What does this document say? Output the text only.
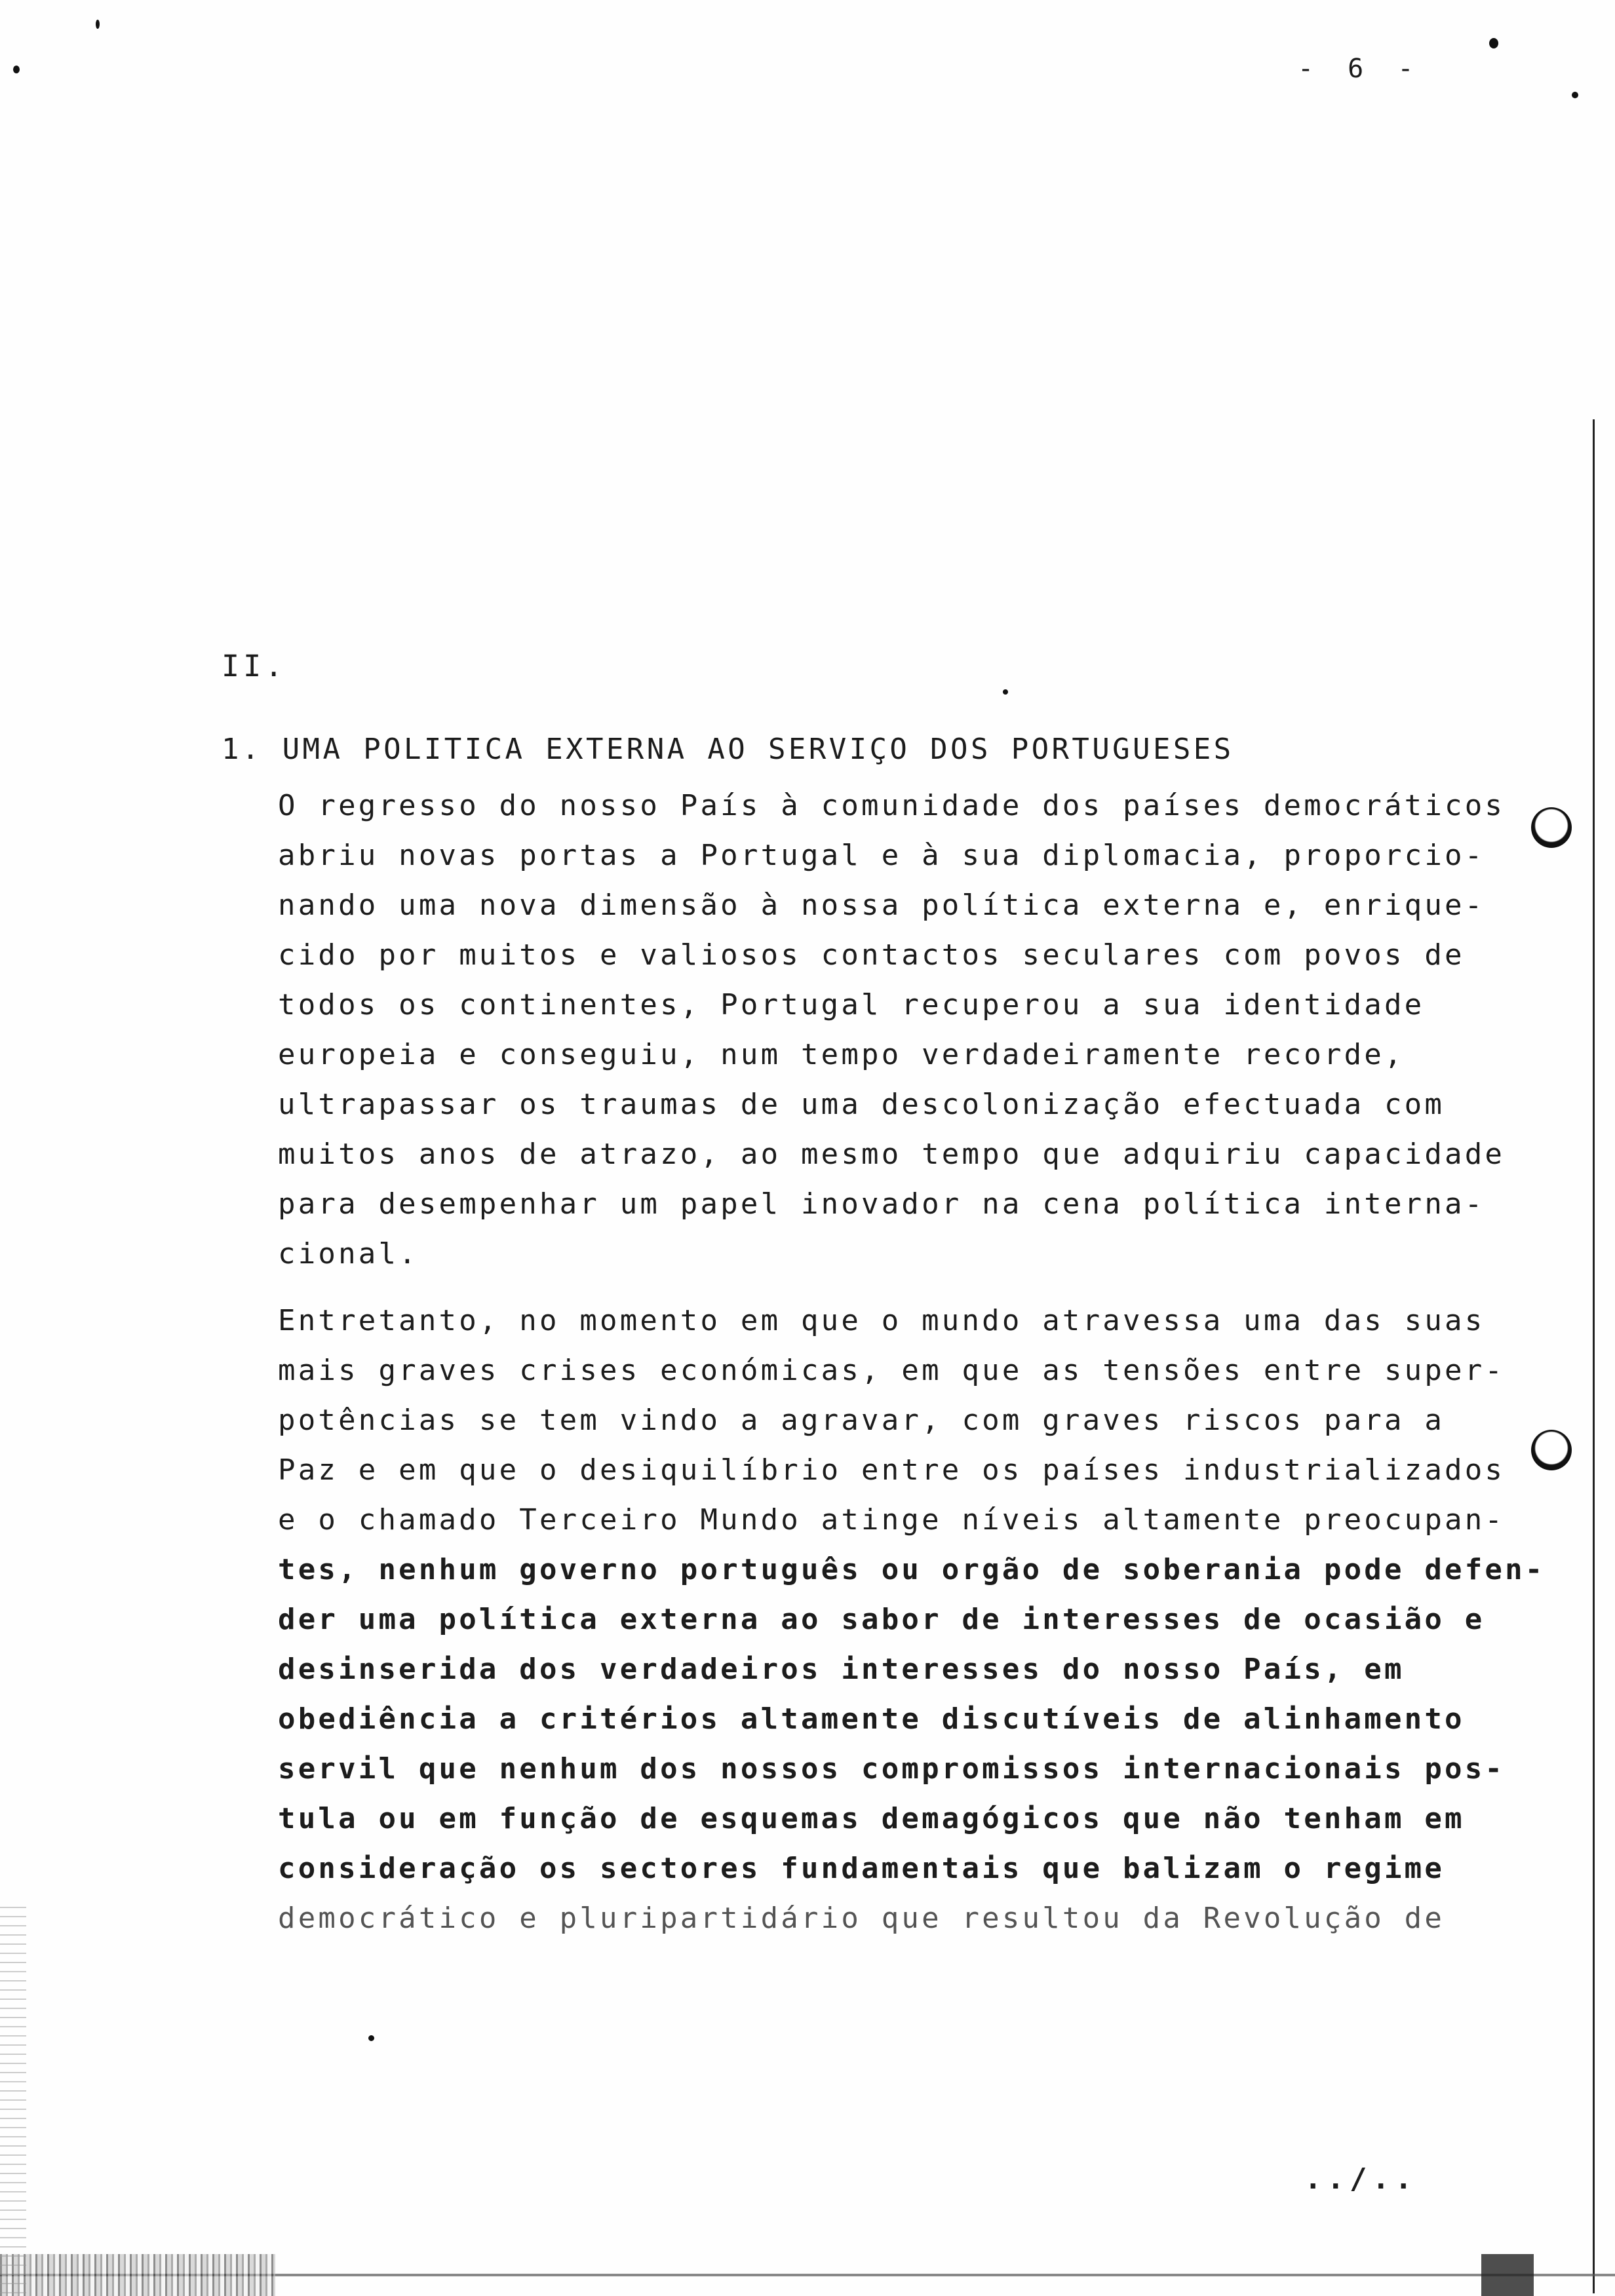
- 6 -
II.
1. UMA POLITICA EXTERNA AO SERVIÇO DOS PORTUGUESES
O regresso do nosso País à comunidade dos países democráticos
abriu novas portas a Portugal e à sua diplomacia, proporcio-
nando uma nova dimensão à nossa política externa e, enrique-
cido por muitos e valiosos contactos seculares com povos de
todos os continentes, Portugal recuperou a sua identidade
europeia e conseguiu, num tempo verdadeiramente recorde,
ultrapassar os traumas de uma descolonização efectuada com
muitos anos de atrazo, ao mesmo tempo que adquiriu capacidade
para desempenhar um papel inovador na cena política interna-
cional.
Entretanto, no momento em que o mundo atravessa uma das suas
mais graves crises económicas, em que as tensões entre super-
potências se tem vindo a agravar, com graves riscos para a
Paz e em que o desiquilíbrio entre os países industrializados
e o chamado Terceiro Mundo atinge níveis altamente preocupan-
tes, nenhum governo português ou orgão de soberania pode defen-
der uma política externa ao sabor de interesses de ocasião e
desinserida dos verdadeiros interesses do nosso País, em
obediência a critérios altamente discutíveis de alinhamento
servil que nenhum dos nossos compromissos internacionais pos-
tula ou em função de esquemas demagógicos que não tenham em
consideração os sectores fundamentais que balizam o regime
democrático e pluripartidário que resultou da Revolução de
../..
